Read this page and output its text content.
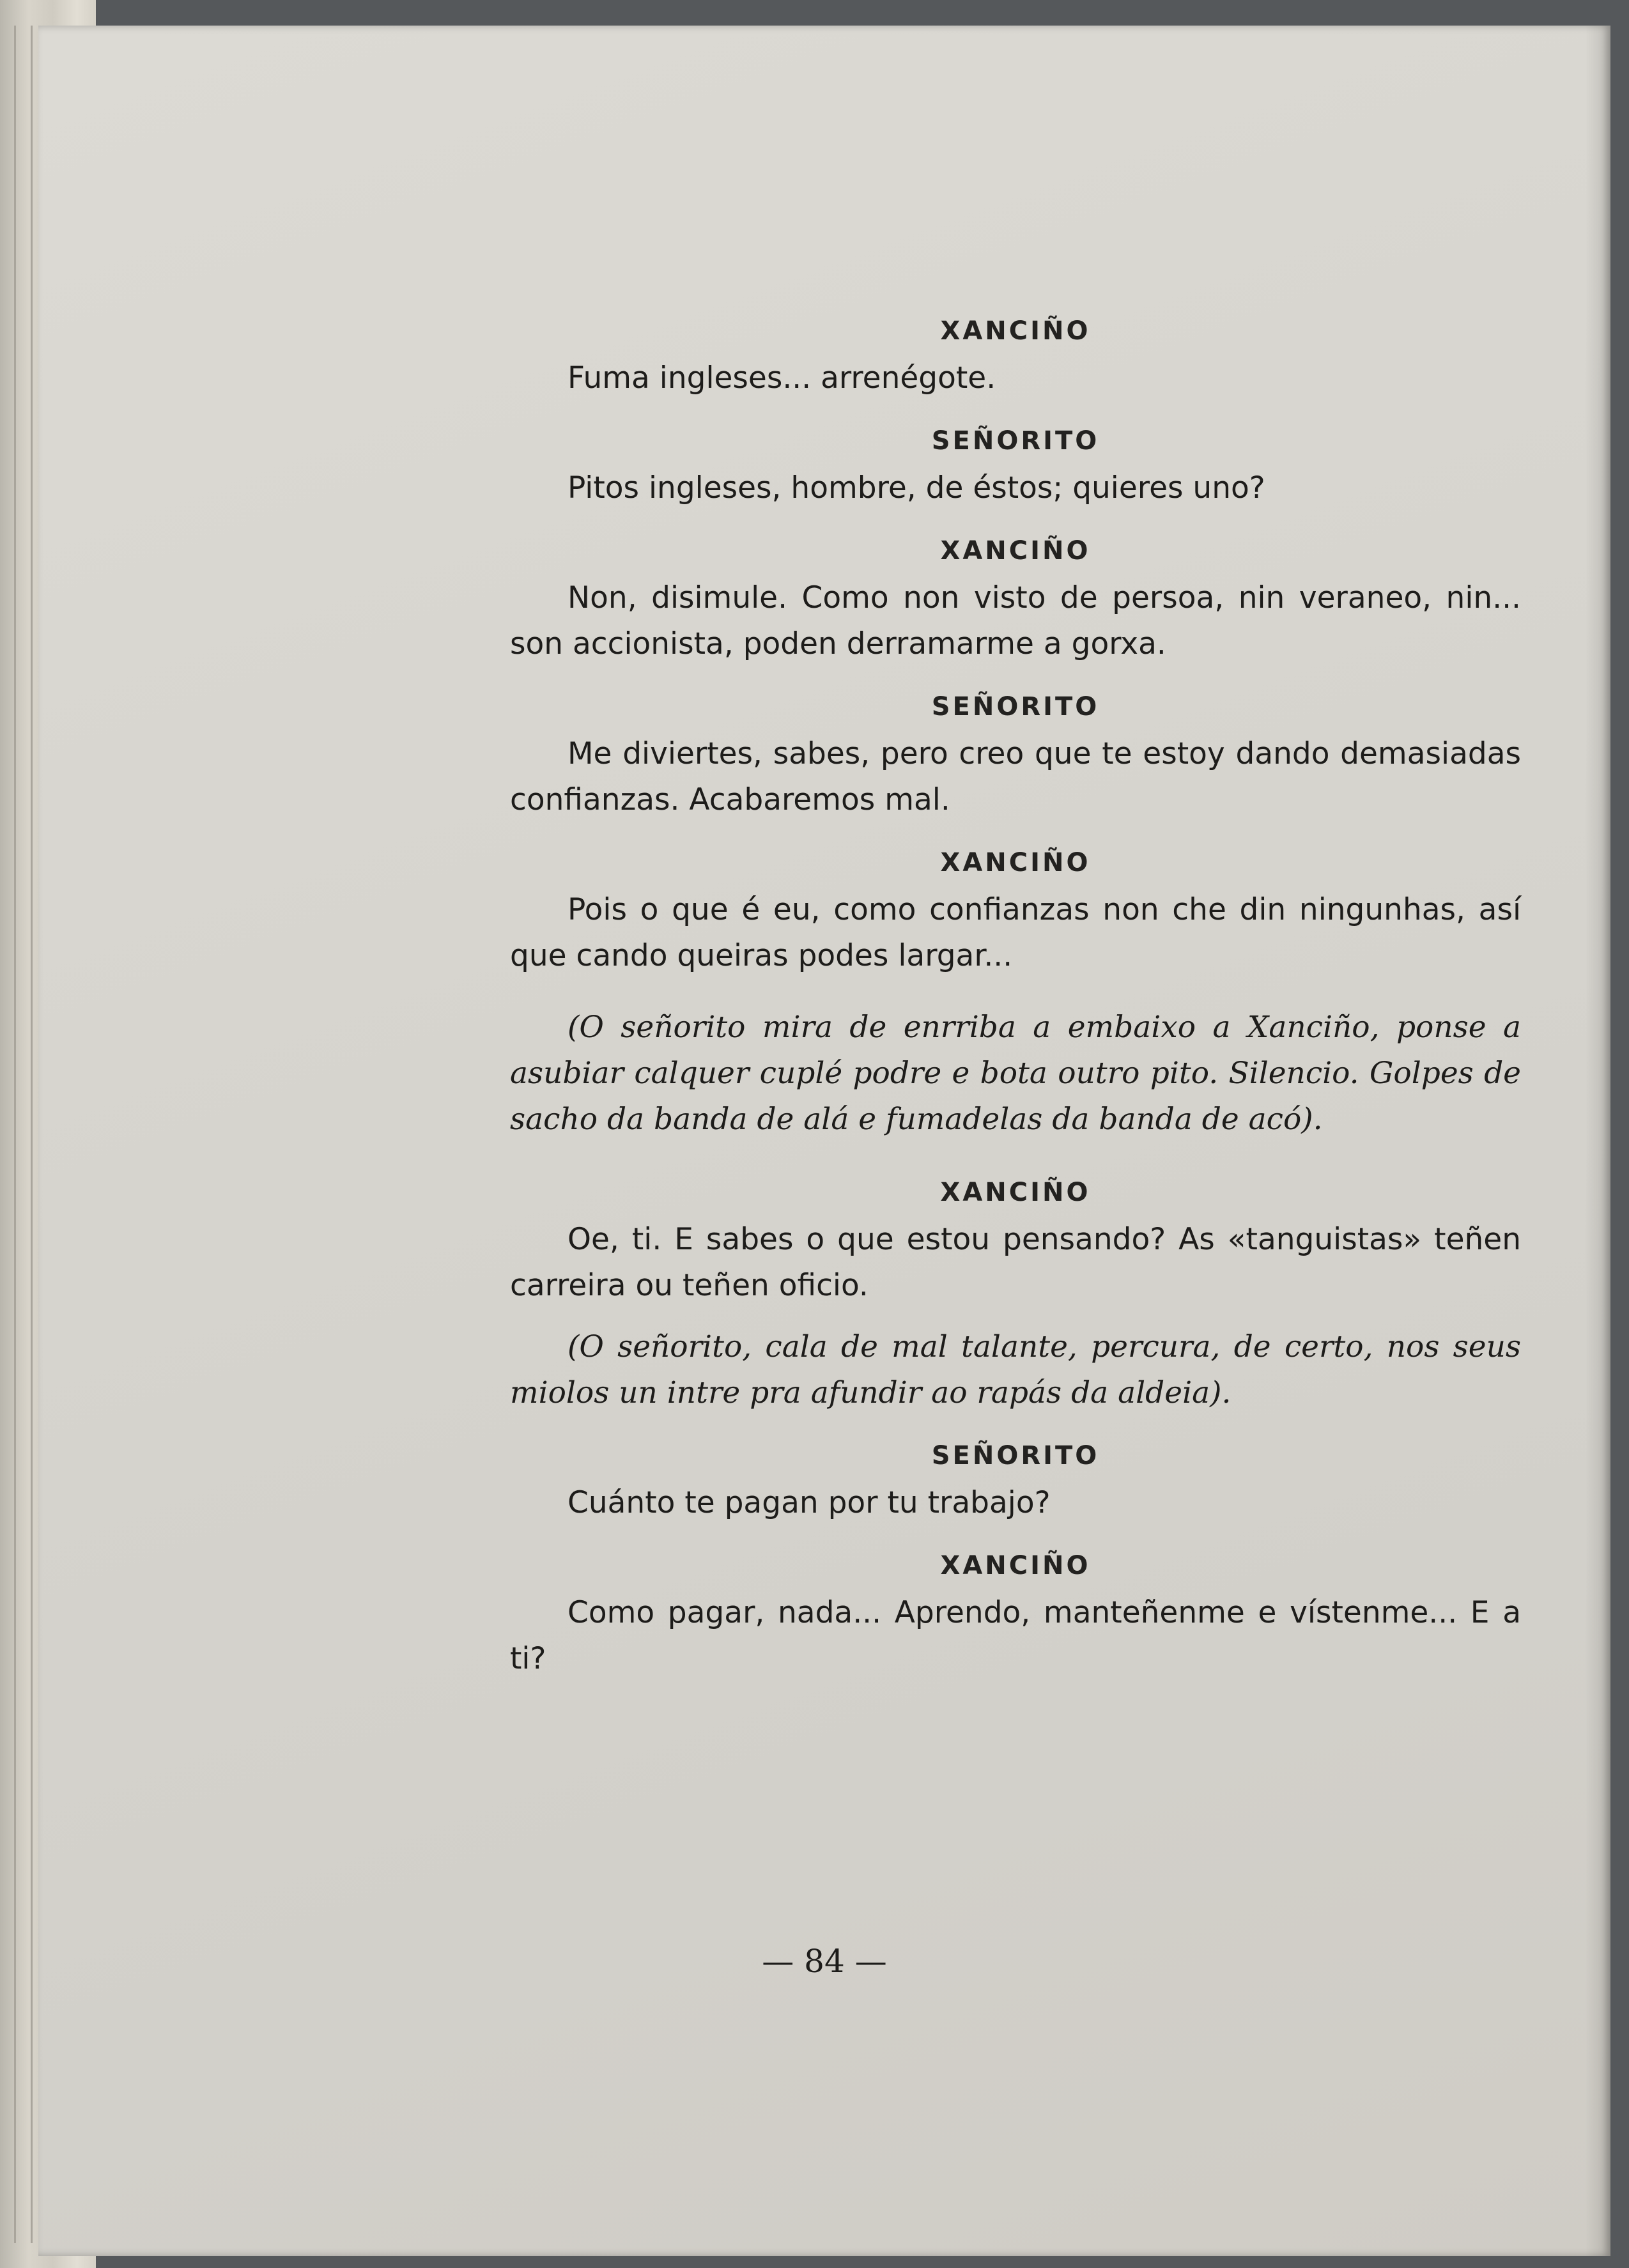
XANCIÑO

Fuma ingleses... arrenégote.

SEÑORITO

Pitos ingleses, hombre, de éstos; quieres uno?

XANCIÑO

Non, disimule. Como non visto de persoa, nin veraneo, nin... son accionista, poden derramarme a gorxa.

SEÑORITO

Me diviertes, sabes, pero creo que te estoy dando demasiadas confianzas. Acabaremos mal.

XANCIÑO

Pois o que é eu, como confianzas non che din ningunhas, así que cando queiras podes largar...

(O señorito mira de enrriba a embaixo a Xanciño, ponse a asubiar calquer cuplé podre e bota outro pito. Silencio. Golpes de sacho da banda de alá e fumadelas da banda de acó).

XANCIÑO

Oe, ti. E sabes o que estou pensando? As «tanguistas» teñen carreira ou teñen oficio.

(O señorito, cala de mal talante, percura, de certo, nos seus miolos un intre pra afundir ao rapás da aldeia).

SEÑORITO

Cuánto te pagan por tu trabajo?

XANCIÑO

Como pagar, nada... Aprendo, manteñenme e vístenme... E a ti?

— 84 —
